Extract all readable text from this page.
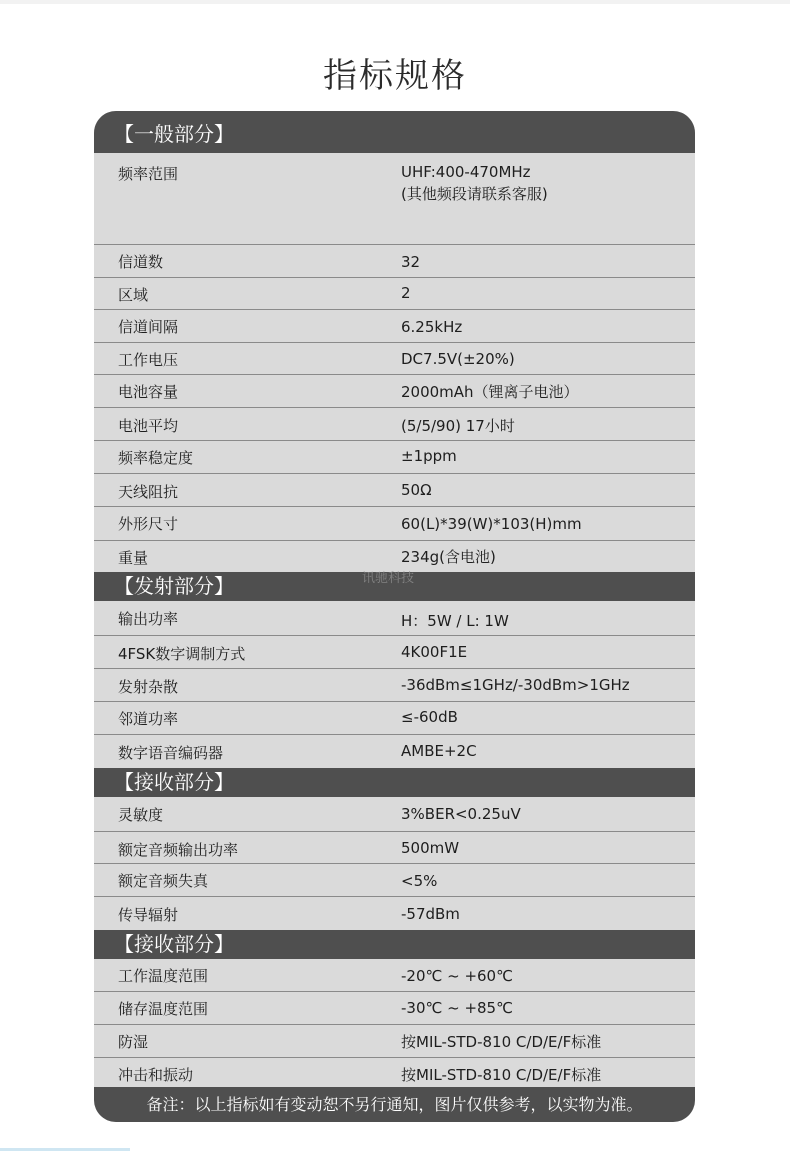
指标规格
【一般部分】
频率范围	UHF:400-470MHz
(其他频段请联系客服)
信道数	32
区域	2
信道间隔	6.25kHz
工作电压	DC7.5V(±20%)
电池容量	2000mAh（锂离子电池）
电池平均	(5/5/90) 17小时
频率稳定度	±1ppm
天线阻抗	50Ω
外形尺寸	60(L)*39(W)*103(H)mm
重量	234g(含电池)
【发射部分】
输出功率	H：5W / L: 1W
4FSK数字调制方式	4K00F1E
发射杂散	-36dBm≤1GHz/-30dBm>1GHz
邻道功率	≤-60dB
数字语音编码器	AMBE+2C
【接收部分】
灵敏度	3%BER<0.25uV
额定音频输出功率	500mW
额定音频失真	<5%
传导辐射	-57dBm
【接收部分】
工作温度范围	-20℃ ~ +60℃
储存温度范围	-30℃ ~ +85℃
防湿	按MIL-STD-810 C/D/E/F标准
冲击和振动	按MIL-STD-810 C/D/E/F标准
备注：以上指标如有变动恕不另行通知，图片仅供参考，以实物为准。
讯驰科技
